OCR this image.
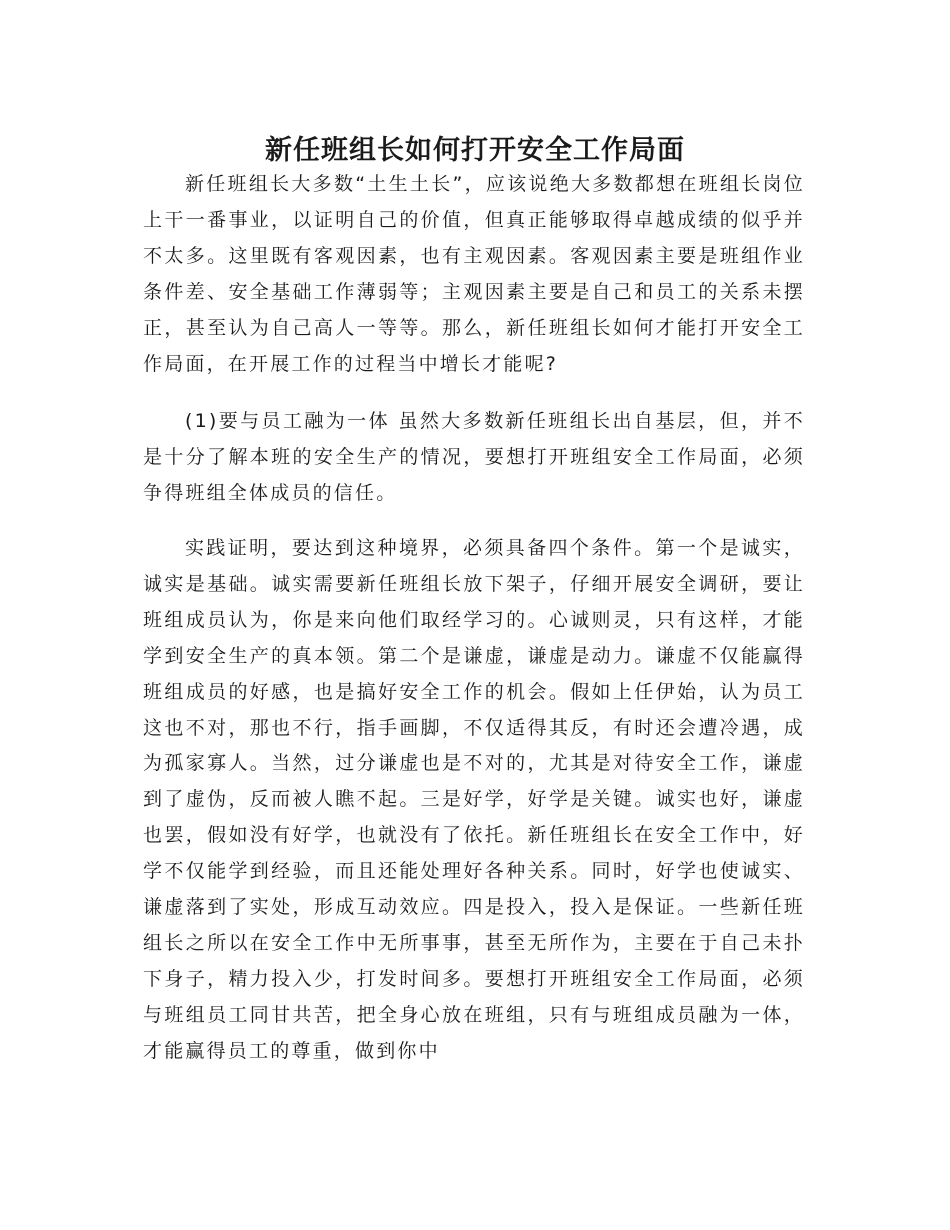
新任班组长如何打开安全工作局面

新任班组长大多数“土生土长”，应该说绝大多数都想在班组长岗位上干一番事业，以证明自己的价值，但真正能够取得卓越成绩的似乎并不太多。这里既有客观因素，也有主观因素。客观因素主要是班组作业条件差、安全基础工作薄弱等；主观因素主要是自己和员工的关系未摆正，甚至认为自己高人一等等。那么，新任班组长如何才能打开安全工作局面，在开展工作的过程当中增长才能呢?

(1)要与员工融为一体 虽然大多数新任班组长出自基层，但，并不是十分了解本班的安全生产的情况，要想打开班组安全工作局面，必须争得班组全体成员的信任。

实践证明，要达到这种境界，必须具备四个条件。第一个是诚实，诚实是基础。诚实需要新任班组长放下架子，仔细开展安全调研，要让班组成员认为，你是来向他们取经学习的。心诚则灵，只有这样，才能学到安全生产的真本领。第二个是谦虚，谦虚是动力。谦虚不仅能赢得班组成员的好感，也是搞好安全工作的机会。假如上任伊始，认为员工这也不对，那也不行，指手画脚，不仅适得其反，有时还会遭冷遇，成为孤家寡人。当然，过分谦虚也是不对的，尤其是对待安全工作，谦虚到了虚伪，反而被人瞧不起。三是好学，好学是关键。诚实也好，谦虚也罢，假如没有好学，也就没有了依托。新任班组长在安全工作中，好学不仅能学到经验，而且还能处理好各种关系。同时，好学也使诚实、谦虚落到了实处，形成互动效应。四是投入，投入是保证。一些新任班组长之所以在安全工作中无所事事，甚至无所作为，主要在于自己未扑下身子，精力投入少，打发时间多。要想打开班组安全工作局面，必须与班组员工同甘共苦，把全身心放在班组，只有与班组成员融为一体，才能赢得员工的尊重，做到你中
